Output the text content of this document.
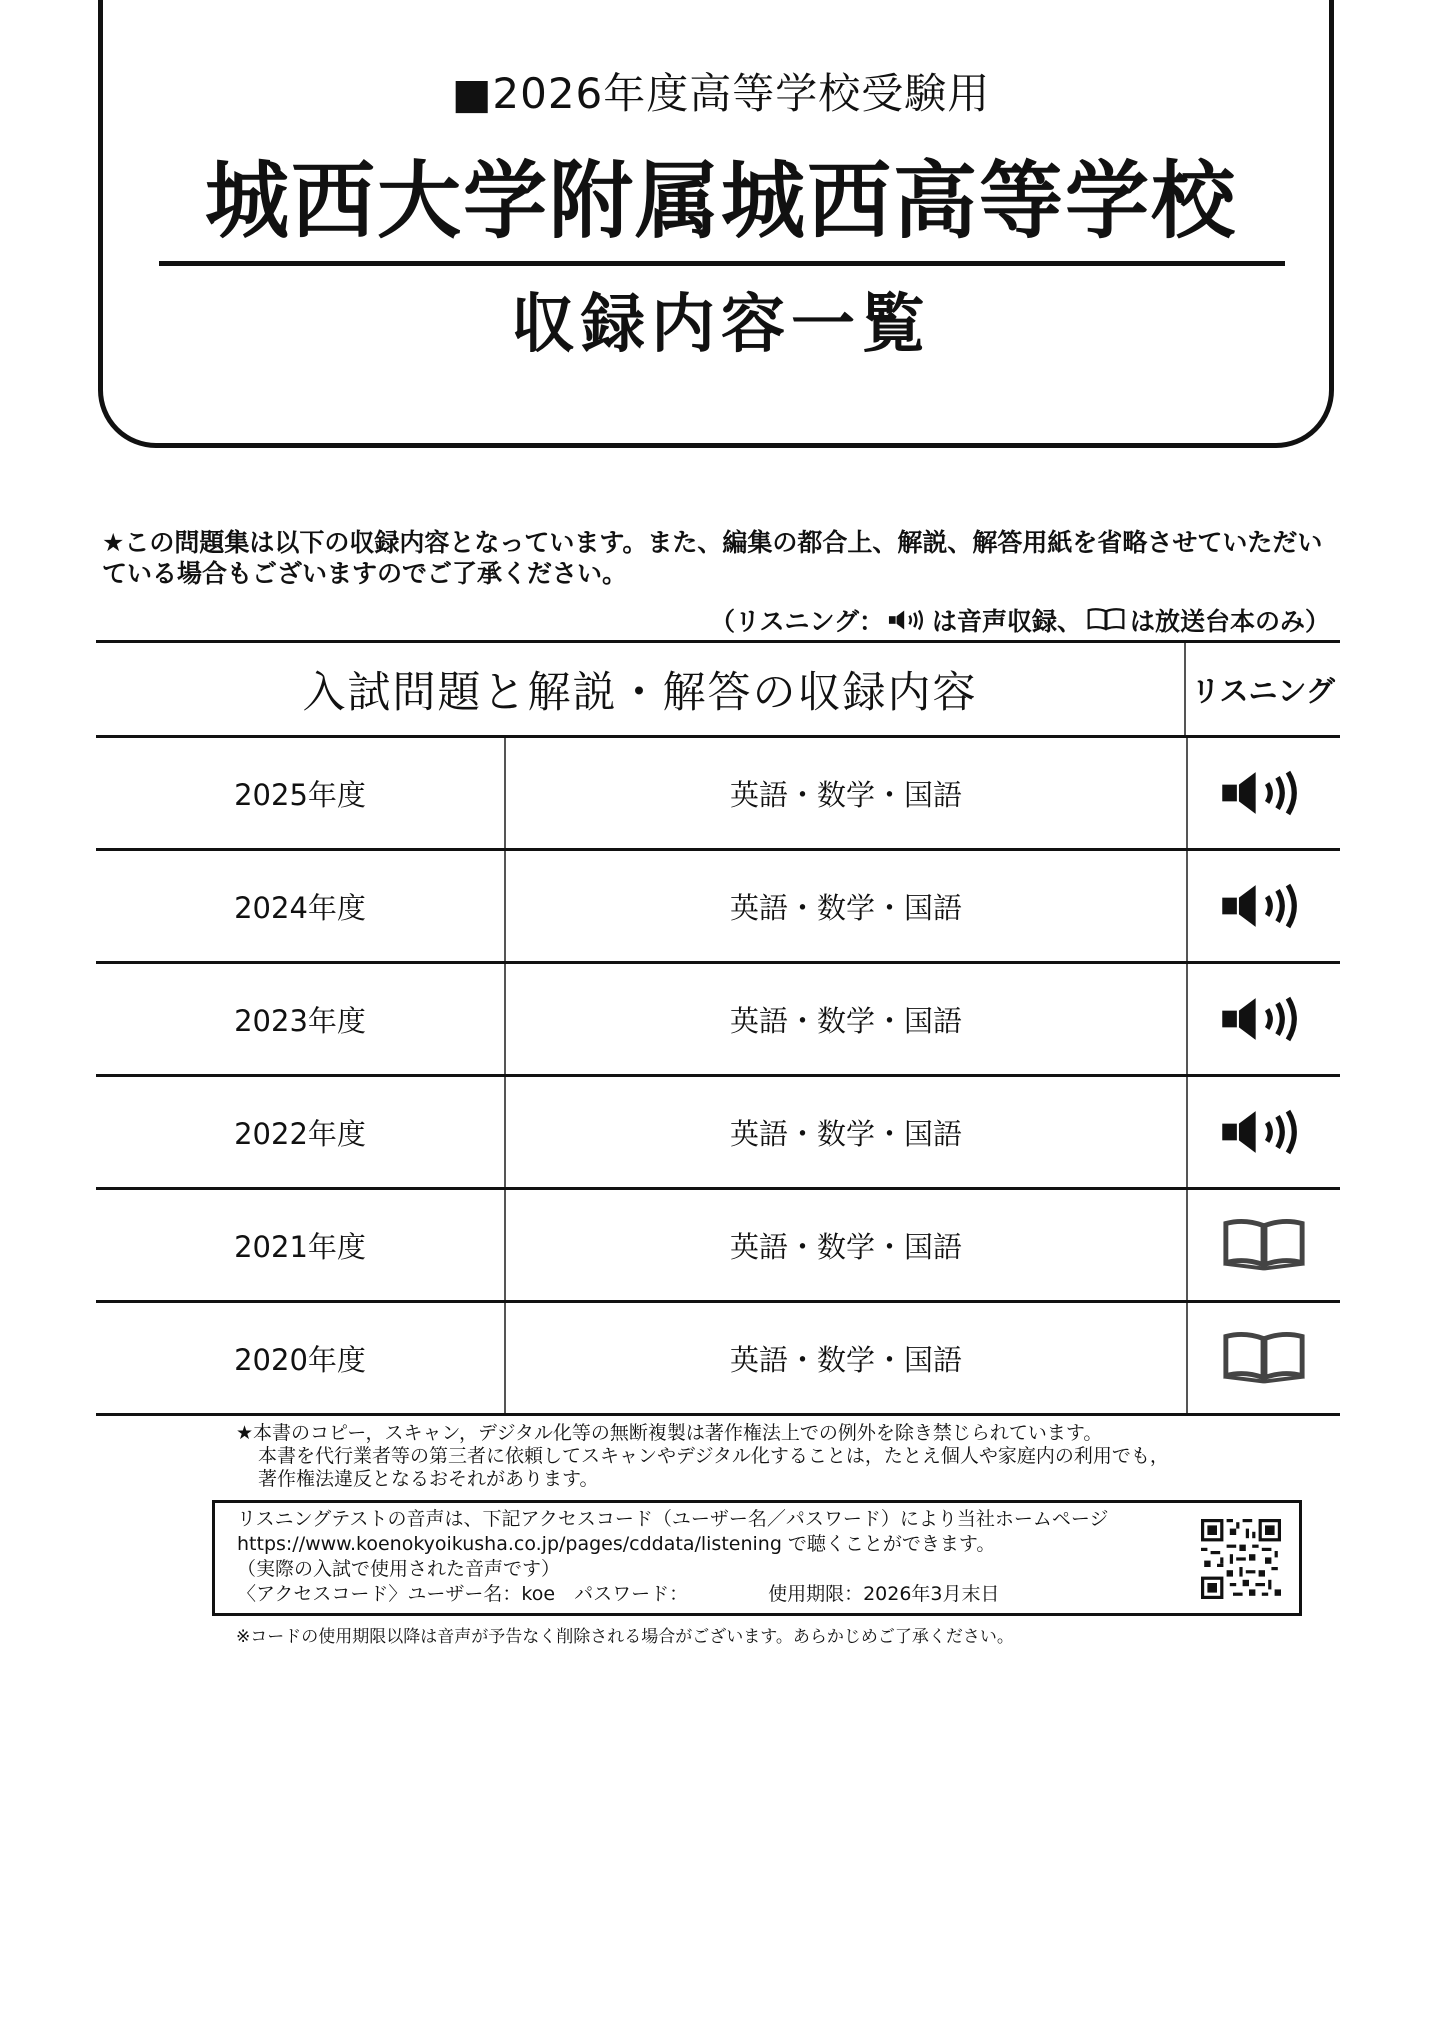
■2026年度高等学校受験用
城西大学附属城西高等学校
収録内容一覧
★この問題集は以下の収録内容となっています。また、編集の都合上、解説、解答用紙を省略させていただいている場合もございますのでご了承ください。
（リスニング： は音声収録、 は放送台本のみ）
入試問題と解説・解答の収録内容	リスニング
2025年度	英語・数学・国語
2024年度	英語・数学・国語
2023年度	英語・数学・国語
2022年度	英語・数学・国語
2021年度	英語・数学・国語
2020年度	英語・数学・国語
★本書のコピー，スキャン，デジタル化等の無断複製は著作権法上での例外を除き禁じられています。
本書を代行業者等の第三者に依頼してスキャンやデジタル化することは，たとえ個人や家庭内の利用でも，
著作権法違反となるおそれがあります。
リスニングテストの音声は、下記アクセスコード（ユーザー名／パスワード）により当社ホームページ
https://www.koenokyoikusha.co.jp/pages/cddata/listening で聴くことができます。
（実際の入試で使用された音声です）
〈アクセスコード〉ユーザー名：koe　パスワード：	使用期限：2026年3月末日
※コードの使用期限以降は音声が予告なく削除される場合がございます。あらかじめご了承ください。
